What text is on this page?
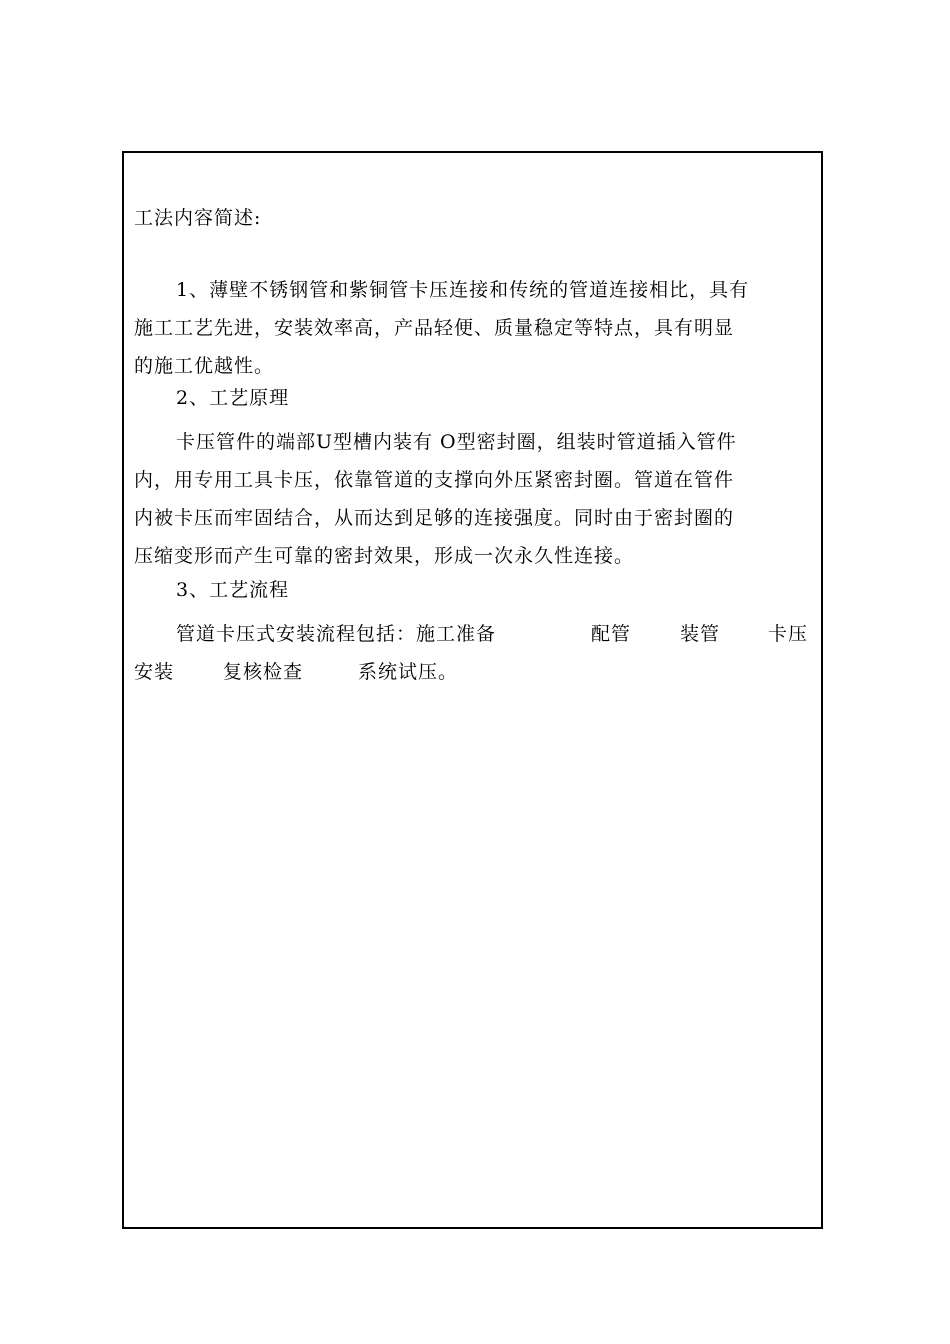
工法内容简述:
1、薄壁不锈钢管和紫铜管卡压连接和传统的管道连接相比，具有
施工工艺先进，安装效率高，产品轻便、质量稳定等特点，具有明显
的施工优越性。
2、工艺原理
卡压管件的端部U型槽内装有 O型密封圈，组装时管道插入管件
内，用专用工具卡压，依靠管道的支撑向外压紧密封圈。管道在管件
内被卡压而牢固结合，从而达到足够的连接强度。同时由于密封圈的
压缩变形而产生可靠的密封效果，形成一次永久性连接。
3、工艺流程
管道卡压式安装流程包括：施工准备	配管	装管	卡压
安装	复核检查	系统试压。
